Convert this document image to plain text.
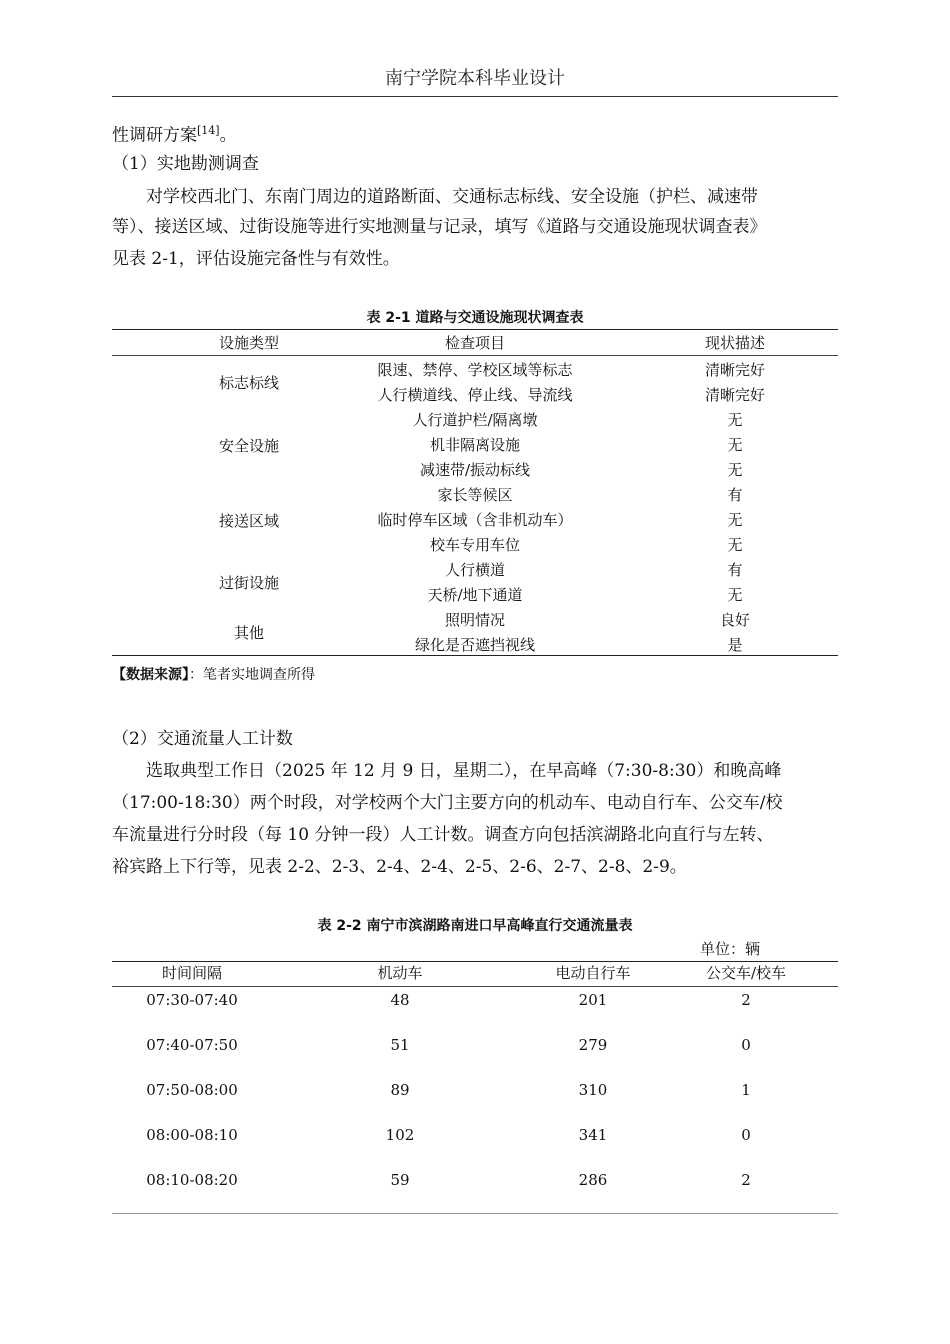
南宁学院本科毕业设计
性调研方案[14]。
（1）实地勘测调查
对学校西北门、东南门周边的道路断面、交通标志标线、安全设施（护栏、减速带
等）、接送区域、过街设施等进行实地测量与记录，填写《道路与交通设施现状调查表》
见表 2-1，评估设施完备性与有效性。
表 2-1 道路与交通设施现状调查表
设施类型	检查项目	现状描述
标志标线
限速、禁停、学校区域等标志	清晰完好
人行横道线、停止线、导流线	清晰完好
安全设施
人行道护栏/隔离墩	无
机非隔离设施	无
减速带/振动标线	无
接送区域
家长等候区	有
临时停车区域（含非机动车）	无
校车专用车位	无
过街设施
人行横道	有
天桥/地下通道	无
其他
照明情况	良好
绿化是否遮挡视线	是
【数据来源】：笔者实地调查所得
（2）交通流量人工计数
选取典型工作日（2025 年 12 月 9 日，星期二），在早高峰（7:30-8:30）和晚高峰
（17:00-18:30）两个时段，对学校两个大门主要方向的机动车、电动自行车、公交车/校
车流量进行分时段（每 10 分钟一段）人工计数。调查方向包括滨湖路北向直行与左转、
裕宾路上下行等，见表 2-2、2-3、2-4、2-4、2-5、2-6、2-7、2-8、2-9。
表 2-2 南宁市滨湖路南进口早高峰直行交通流量表
单位：辆
时间间隔	机动车	电动自行车	公交车/校车
07:30-07:40	48	201	2
07:40-07:50	51	279	0
07:50-08:00	89	310	1
08:00-08:10	102	341	0
08:10-08:20	59	286	2
